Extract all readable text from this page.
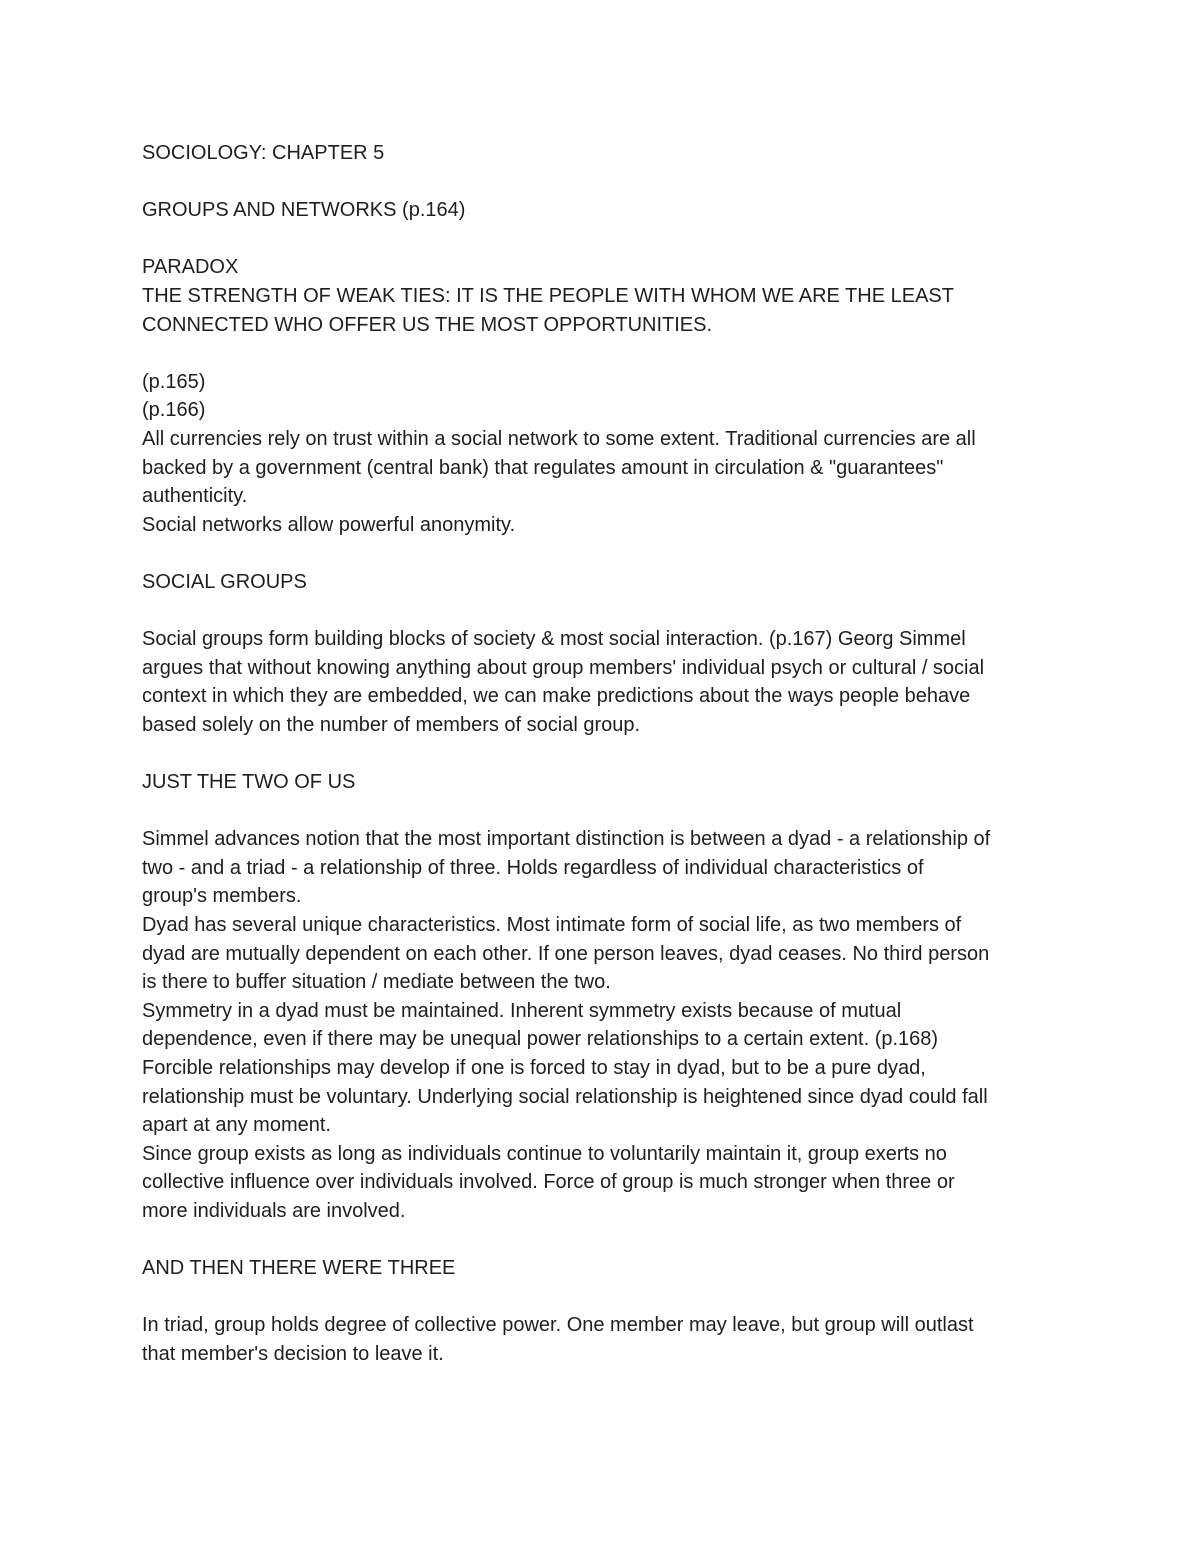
SOCIOLOGY: CHAPTER 5
GROUPS AND NETWORKS (p.164)
PARADOX
THE STRENGTH OF WEAK TIES: IT IS THE PEOPLE WITH WHOM WE ARE THE LEAST
CONNECTED WHO OFFER US THE MOST OPPORTUNITIES.
(p.165)
(p.166)
All currencies rely on trust within a social network to some extent. Traditional currencies are all
backed by a government (central bank) that regulates amount in circulation & "guarantees"
authenticity.
Social networks allow powerful anonymity.
SOCIAL GROUPS
Social groups form building blocks of society & most social interaction. (p.167) Georg Simmel
argues that without knowing anything about group members' individual psych or cultural / social
context in which they are embedded, we can make predictions about the ways people behave
based solely on the number of members of social group.
JUST THE TWO OF US
Simmel advances notion that the most important distinction is between a dyad - a relationship of
two - and a triad - a relationship of three. Holds regardless of individual characteristics of
group's members.
Dyad has several unique characteristics. Most intimate form of social life, as two members of
dyad are mutually dependent on each other. If one person leaves, dyad ceases. No third person
is there to buffer situation / mediate between the two.
Symmetry in a dyad must be maintained. Inherent symmetry exists because of mutual
dependence, even if there may be unequal power relationships to a certain extent. (p.168)
Forcible relationships may develop if one is forced to stay in dyad, but to be a pure dyad,
relationship must be voluntary. Underlying social relationship is heightened since dyad could fall
apart at any moment.
Since group exists as long as individuals continue to voluntarily maintain it, group exerts no
collective influence over individuals involved. Force of group is much stronger when three or
more individuals are involved.
AND THEN THERE WERE THREE
In triad, group holds degree of collective power. One member may leave, but group will outlast
that member's decision to leave it.
